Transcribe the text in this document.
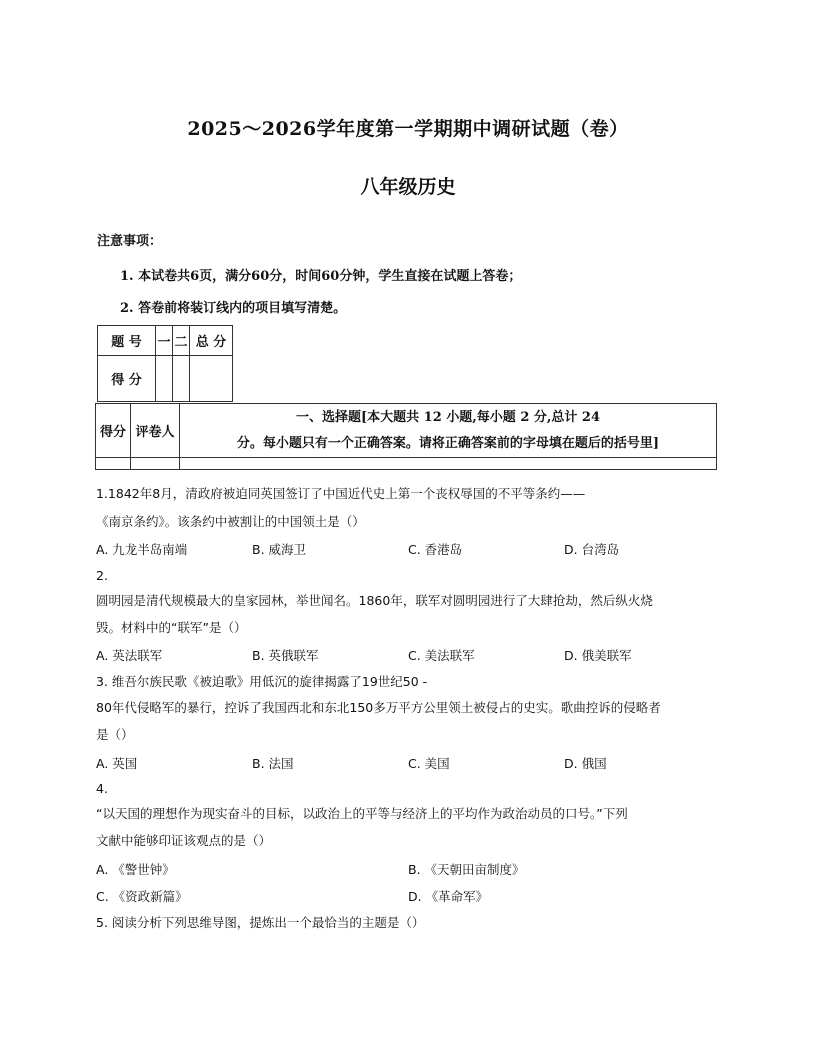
2025～2026学年度第一学期期中调研试题（卷）
八年级历史
注意事项：
1. 本试卷共6页，满分60分，时间60分钟，学生直接在试题上答卷；
2. 答卷前将装订线内的项目填写清楚。
题 号	一	二	总 分
得 分			
得分	评卷人	一、选择题[本大题共 12 小题,每小题 2 分,总计 24
分。每小题只有一个正确答案。请将正确答案前的字母填在题后的括号里]

1.1842年8月，清政府被迫同英国签订了中国近代史上第一个丧权辱国的不平等条约——
《南京条约》。该条约中被割让的中国领土是（）
A. 九龙半岛南端	B. 威海卫	C. 香港岛	D. 台湾岛
2.
圆明园是清代规模最大的皇家园林，举世闻名。1860年，联军对圆明园进行了大肆抢劫，然后纵火烧
毁。材料中的“联军”是（）
A. 英法联军	B. 英俄联军	C. 美法联军	D. 俄美联军
3. 维吾尔族民歌《被迫歌》用低沉的旋律揭露了19世纪50 -
80年代侵略军的暴行，控诉了我国西北和东北150多万平方公里领土被侵占的史实。歌曲控诉的侵略者
是（）
A. 英国	B. 法国	C. 美国	D. 俄国
4.
“以天国的理想作为现实奋斗的目标，以政治上的平等与经济上的平均作为政治动员的口号。”下列
文献中能够印证该观点的是（）
A. 《警世钟》	B. 《天朝田亩制度》
C. 《资政新篇》	D. 《革命军》
5. 阅读分析下列思维导图，提炼出一个最恰当的主题是（）
